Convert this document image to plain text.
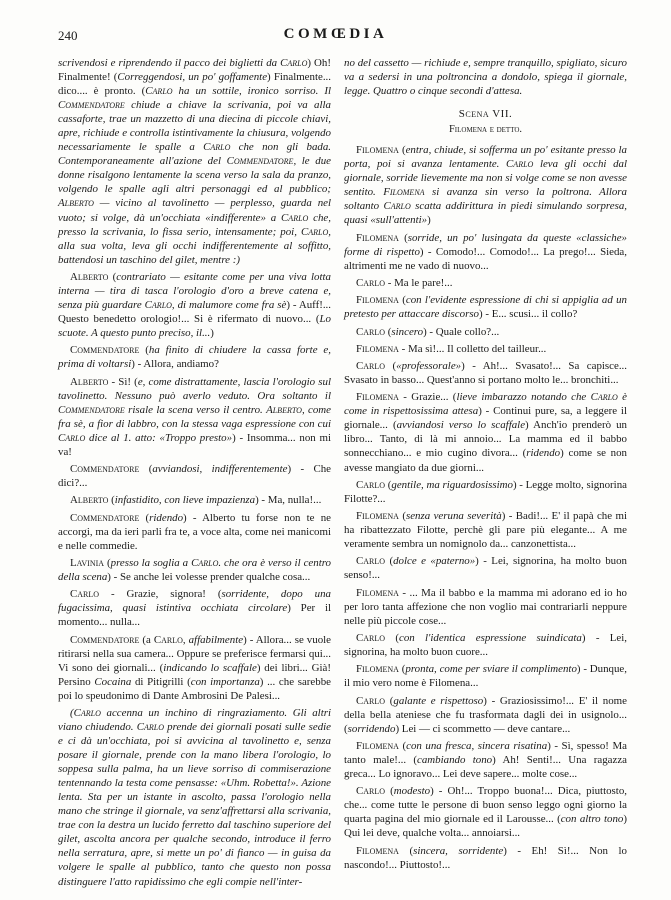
240	COMŒDIA

scrivendosi e riprendendo il pacco dei biglietti da Carlo) Oh! Finalmente! (Correggendosi, un po' goffamente) Finalmente... dico.... è pronto. (Carlo ha un sottile, ironico sorriso. Il Commendatore chiude a chiave la scrivania, poi va alla cassaforte, trae un mazzetto di una diecina di piccole chiavi, apre, richiude e controlla istintivamente la chiusura, volgendo necessariamente le spalle a Carlo che non gli bada. Contemporaneamente all'azione del Commendatore, le due donne risalgono lentamente la scena verso la sala da pranzo, volgendo le spalle agli altri personaggi ed al pubblico; Alberto — vicino al tavolinetto — perplesso, guarda nel vuoto; si volge, dà un'occhiata «indifferente» a Carlo che, presso la scrivania, lo fissa serio, intensamente; poi, Carlo, alla sua volta, leva gli occhi indifferentemente al soffitto, battendosi un taschino del gilet, mentre :)

Alberto (contrariato — esitante come per una viva lotta interna — tira di tasca l'orologio d'oro a breve catena e, senza più guardare Carlo, di malumore come fra sè) - Auff!... Questo benedetto orologio!... Si è rifermato di nuovo... (Lo scuote. A questo punto preciso, il...)

Commendatore (ha finito di chiudere la cassa forte e, prima di voltarsi) - Allora, andiamo?

Alberto - Sì! (e, come distrattamente, lascia l'orologio sul tavolinetto. Nessuno può averlo veduto. Ora soltanto il Commendatore risale la scena verso il centro. Alberto, come fra sè, a fior di labbro, con la stessa vaga espressione con cui Carlo dice al 1. atto: «Troppo presto») - Insomma... non mi va!

Commendatore (avviandosi, indifferentemente) - Che dici?...

Alberto (infastidito, con lieve impazienza) - Ma, nulla!...

Commendatore (ridendo) - Alberto tu forse non te ne accorgi, ma da ieri parli fra te, a voce alta, come nei manicomi e nelle commedie.

Lavinia (presso la soglia a Carlo. che ora è verso il centro della scena) - Se anche lei volesse prender qualche cosa...

Carlo - Grazie, signora! (sorridente, dopo una fugacissima, quasi istintiva occhiata circolare) Per il momento... nulla...

Commendatore (a Carlo, affabilmente) - Allora... se vuole ritirarsi nella sua camera... Oppure se preferisce fermarsi qui... Vi sono dei giornali... (indicando lo scaffale) dei libri... Già! Persino Cocaina di Pitigrilli (con importanza) ... che sarebbe poi lo speudonimo di Dante Ambrosini De Palesi...

(Carlo accenna un inchino di ringraziamento. Gli altri viano chiudendo. Carlo prende dei giornali posati sulle sedie e ci dà un'occhiata, poi si avvicina al tavolinetto e, senza posare il giornale, prende con la mano libera l'orologio, lo soppesa sulla palma, ha un lieve sorriso di commiserazione tentennando la testa come pensasse: «Uhm. Robetta!». Azione lenta. Sta per un istante in ascolto, passa l'orologio nella mano che stringe il giornale, va senz'affrettarsi alla scrivania, trae con la destra un lucido ferretto dal taschino superiore del gilet, ascolta ancora per qualche secondo, introduce il ferro nella serratura, apre, si mette un po' di fianco — in guisa da volgere le spalle al pubblico, tanto che questo non possa distinguere l'atto rapidissimo che egli compie nell'inter-

no del cassetto — richiude e, sempre tranquillo, spigliato, sicuro va a sedersi in una poltroncina a dondolo, spiega il giornale, legge. Quattro o cinque secondi d'attesa.

Scena VII.
Filomena e detto.

Filomena (entra, chiude, si sofferma un po' esitante presso la porta, poi si avanza lentamente. Carlo leva gli occhi dal giornale, sorride lievemente ma non si volge come se non avesse sentito. Filomena si avanza sin verso la poltrona. Allora soltanto Carlo scatta addirittura in piedi simulando sorpresa, quasi «sull'attenti»)

Filomena (sorride, un po' lusingata da queste «classiche» forme di rispetto) - Comodo!... Comodo!... La prego!... Sieda, altrimenti me ne vado di nuovo...

Carlo - Ma le pare!...

Filomena (con l'evidente espressione di chi si appiglia ad un pretesto per attaccare discorso) - E... scusi... il collo?

Carlo (sincero) - Quale collo?...

Filomena - Ma sì!... Il colletto del tailleur...

Carlo («professorale») - Ah!... Svasato!... Sa capisce... Svasato in basso... Quest'anno si portano molto le... bronchiti...

Filomena - Grazie... (lieve imbarazzo notando che Carlo è come in rispettosissima attesa) - Continui pure, sa, a leggere il giornale... (avviandosi verso lo scaffale) Anch'io prenderò un libro... Tanto, di là mi annoio... La mamma ed il babbo sonnecchiano... e mio cugino divora... (ridendo) come se non avesse mangiato da due giorni...

Carlo (gentile, ma riguardosissimo) - Legge molto, signorina Filotte?...

Filomena (senza veruna severità) - Badi!... E' il papà che mi ha ribattezzato Filotte, perchè gli pare più elegante... A me veramente sembra un nomignolo da... canzonettista...

Carlo (dolce e «paterno») - Lei, signorina, ha molto buon senso!...

Filomena - ... Ma il babbo e la mamma mi adorano ed io ho per loro tanta affezione che non voglio mai contrariarli neppure nelle più piccole cose...

Carlo (con l'identica espressione suindicata) - Lei, signorina, ha molto buon cuore...

Filomena (pronta, come per sviare il complimento) - Dunque, il mio vero nome è Filomena...

Carlo (galante e rispettoso) - Graziosissimo!... E' il nome della bella ateniese che fu trasformata dagli dei in usignolo... (sorridendo) Lei — ci scommetto — deve cantare...

Filomena (con una fresca, sincera risatina) - Sì, spesso! Ma tanto male!... (cambiando tono) Ah! Senti!... Una ragazza greca... Lo ignoravo... Lei deve sapere... molte cose...

Carlo (modesto) - Oh!... Troppo buona!... Dica, piuttosto, che... come tutte le persone di buon senso leggo ogni giorno la quarta pagina del mio giornale ed il Larousse... (con altro tono) Qui lei deve, qualche volta... annoiarsi...

Filomena (sincera, sorridente) - Eh! Sì!... Non lo nascondo!... Piuttosto!...
